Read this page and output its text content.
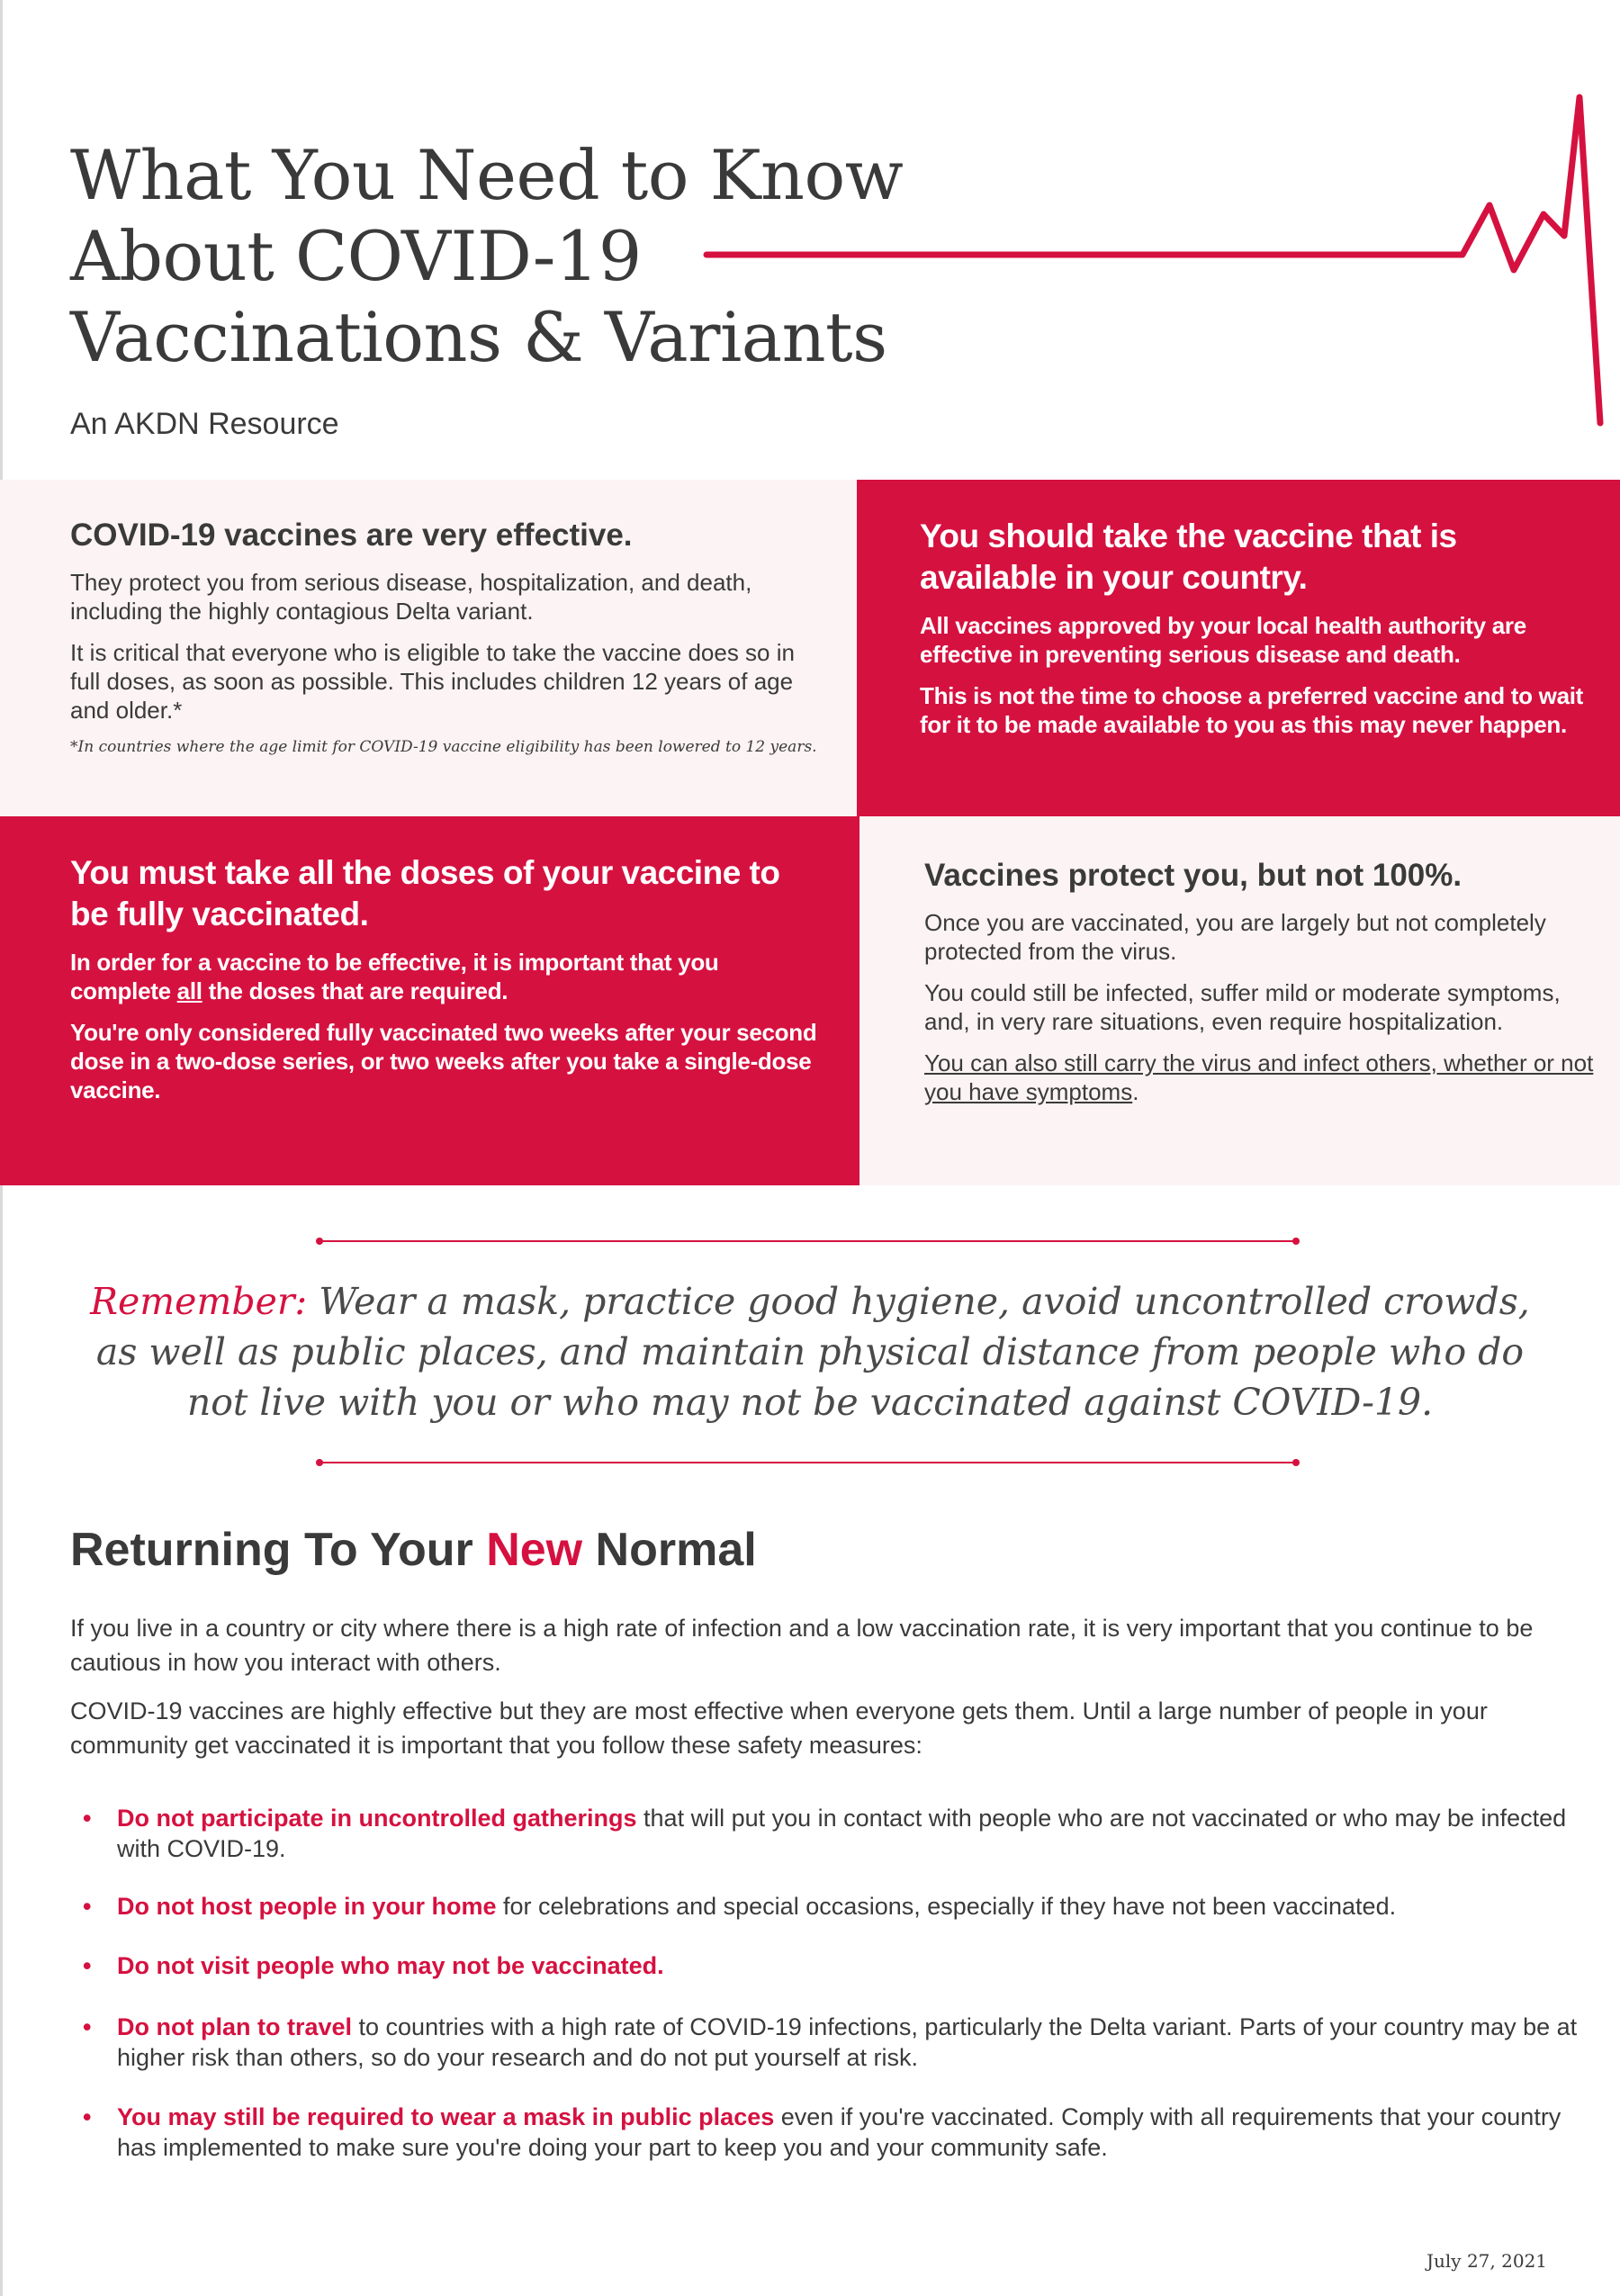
What You Need to Know
About COVID-19
Vaccinations & Variants
An AKDN Resource
COVID-19 vaccines are very effective.

They protect you from serious disease, hospitalization, and death, including the highly contagious Delta variant.

It is critical that everyone who is eligible to take the vaccine does so in full doses, as soon as possible. This includes children 12 years of age and older.*

*In countries where the age limit for COVID-19 vaccine eligibility has been lowered to 12 years.
You should take the vaccine that is available in your country.

All vaccines approved by your local health authority are effective in preventing serious disease and death.

This is not the time to choose a preferred vaccine and to wait for it to be made available to you as this may never happen.

You must take all the doses of your vaccine to be fully vaccinated.

In order for a vaccine to be effective, it is important that you complete all the doses that are required.

You're only considered fully vaccinated two weeks after your second dose in a two-dose series, or two weeks after you take a single-dose vaccine.

Vaccines protect you, but not 100%.

Once you are vaccinated, you are largely but not completely protected from the virus.

You could still be infected, suffer mild or moderate symptoms, and, in very rare situations, even require hospitalization.

You can also still carry the virus and infect others, whether or not you have symptoms.

Remember: Wear a mask, practice good hygiene, avoid uncontrolled crowds, as well as public places, and maintain physical distance from people who do not live with you or who may not be vaccinated against COVID-19.

Returning To Your New Normal

If you live in a country or city where there is a high rate of infection and a low vaccination rate, it is very important that you continue to be cautious in how you interact with others.

COVID-19 vaccines are highly effective but they are most effective when everyone gets them. Until a large number of people in your community get vaccinated it is important that you follow these safety measures:

• Do not participate in uncontrolled gatherings that will put you in contact with people who are not vaccinated or who may be infected with COVID-19.
• Do not host people in your home for celebrations and special occasions, especially if they have not been vaccinated.
• Do not visit people who may not be vaccinated.
• Do not plan to travel to countries with a high rate of COVID-19 infections, particularly the Delta variant. Parts of your country may be at higher risk than others, so do your research and do not put yourself at risk.
• You may still be required to wear a mask in public places even if you're vaccinated. Comply with all requirements that your country has implemented to make sure you're doing your part to keep you and your community safe.
July 27, 2021
